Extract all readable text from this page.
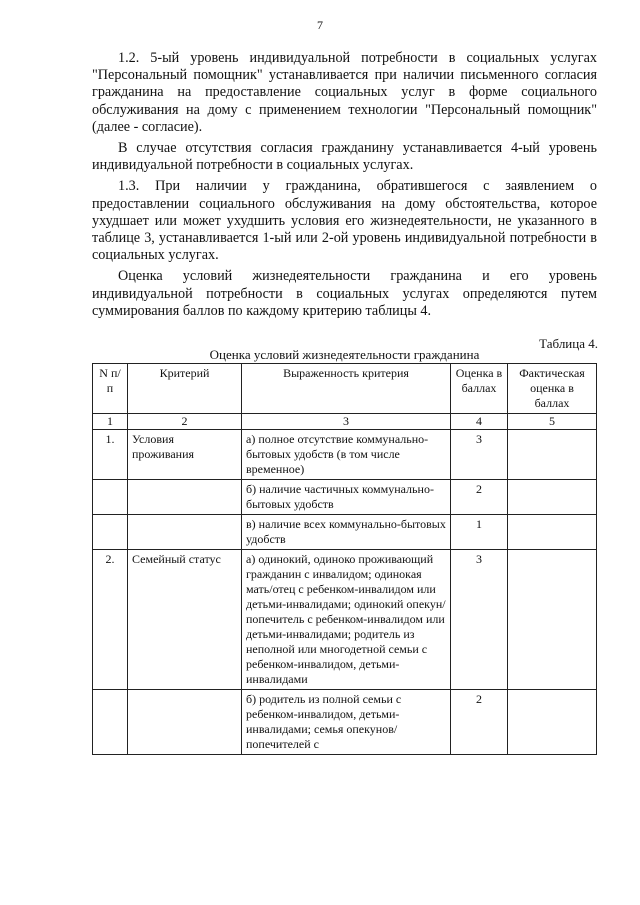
7

1.2. 5-ый уровень индивидуальной потребности в социальных услугах "Персональный помощник" устанавливается при наличии письменного согласия гражданина на предоставление социальных услуг в форме социального обслуживания на дому с применением технологии "Персональный помощник" (далее - согласие).

В случае отсутствия согласия гражданину устанавливается 4-ый уровень индивидуальной потребности в социальных услугах.

1.3. При наличии у гражданина, обратившегося с заявлением о предоставлении социального обслуживания на дому обстоятельства, которое ухудшает или может ухудшить условия его жизнедеятельности, не указанного в таблице 3, устанавливается 1-ый или 2-ой уровень индивидуальной потребности в социальных услугах.

Оценка условий жизнедеятельности гражданина и его уровень индивидуальной потребности в социальных услугах определяются путем суммирования баллов по каждому критерию таблицы 4.

Таблица 4.
Оценка условий жизнедеятельности гражданина
N п/п	Критерий	Выраженность критерия	Оценка в баллах	Фактическая оценка в баллах
1	2	3	4	5
1.	Условия проживания	а) полное отсутствие коммунально-бытовых удобств (в том числе временное)	3	
		б) наличие частичных коммунально-бытовых удобств	2	
		в) наличие всех коммунально-бытовых удобств	1	
2.	Семейный статус	а) одинокий, одиноко проживающий гражданин с инвалидом; одинокая мать/отец с ребенком-инвалидом или детьми-инвалидами; одинокий опекун/попечитель с ребенком-инвалидом или детьми-инвалидами; родитель из неполной или многодетной семьи с ребенком-инвалидом, детьми-инвалидами	3	
		б) родитель из полной семьи с ребенком-инвалидом, детьми-инвалидами; семья опекунов/попечителей с	2	
